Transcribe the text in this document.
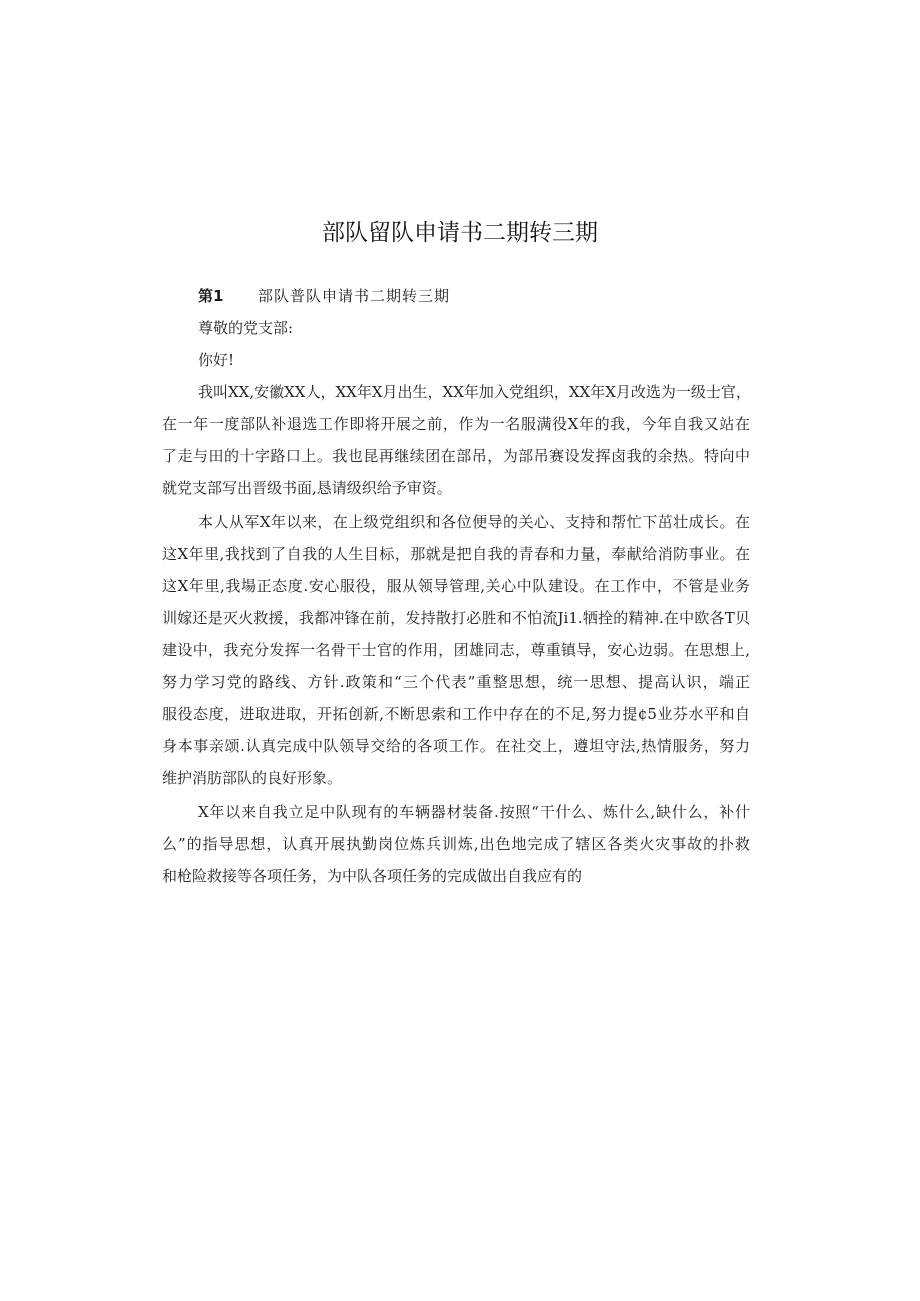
部队留队申请书二期转三期
第1 部队普队申请书二期转三期
尊敬的党支部:
你好!
我叫XX,安徽XX人，XX年X月出生，XX年加入党组织，XX年X月改选为一级士官，
在一年一度部队补退选工作即将开展之前，作为一名服满役X年的我，今年自我又站在
了走与田的十字路口上。我也昆再继续团在部吊，为部吊赛设发挥卤我的余热。特向中
就党支部写出晋级书面,恳请级织给予审资。
本人从军X年以来，在上级党组织和各位便导的关心、支持和帮忙下茁壮成长。在
这X年里,我找到了自我的人生目标，那就是把自我的青春和力量，奉献给消防事业。在
这X年里,我場正态度.安心服役，服从领导管理,关心中队建设。在工作中，不管是业务
训嫁还是灭火救援，我都冲锋在前，发持散打必胜和不怕流Ji1.牺拴的精神.在中欧各T贝
建设中，我充分发挥一名骨干士官的作用，团雄同志，尊重镇导，安心边弱。在思想上,
努力学习党的路线、方针.政策和“三个代表”重整思想，统一思想、提高认识，端正
服役态度，进取进取，开拓创新,不断思索和工作中存在的不足,努力提¢5业芬水平和自
身本事亲颂.认真完成中队领导交给的各项工作。在社交上，遵坦守法,热情服务，努力
维护消肪部队的良好形象。
X年以来自我立足中队现有的车辆器材装备.按照“干什么、炼什么,缺什么，补什
么”的指导思想，认真开展执勤岗位炼兵训炼,出色地完成了辖区各类火灾事故的扑救
和枪险救接等各项任务，为中队各项任务的完成做出自我应有的
